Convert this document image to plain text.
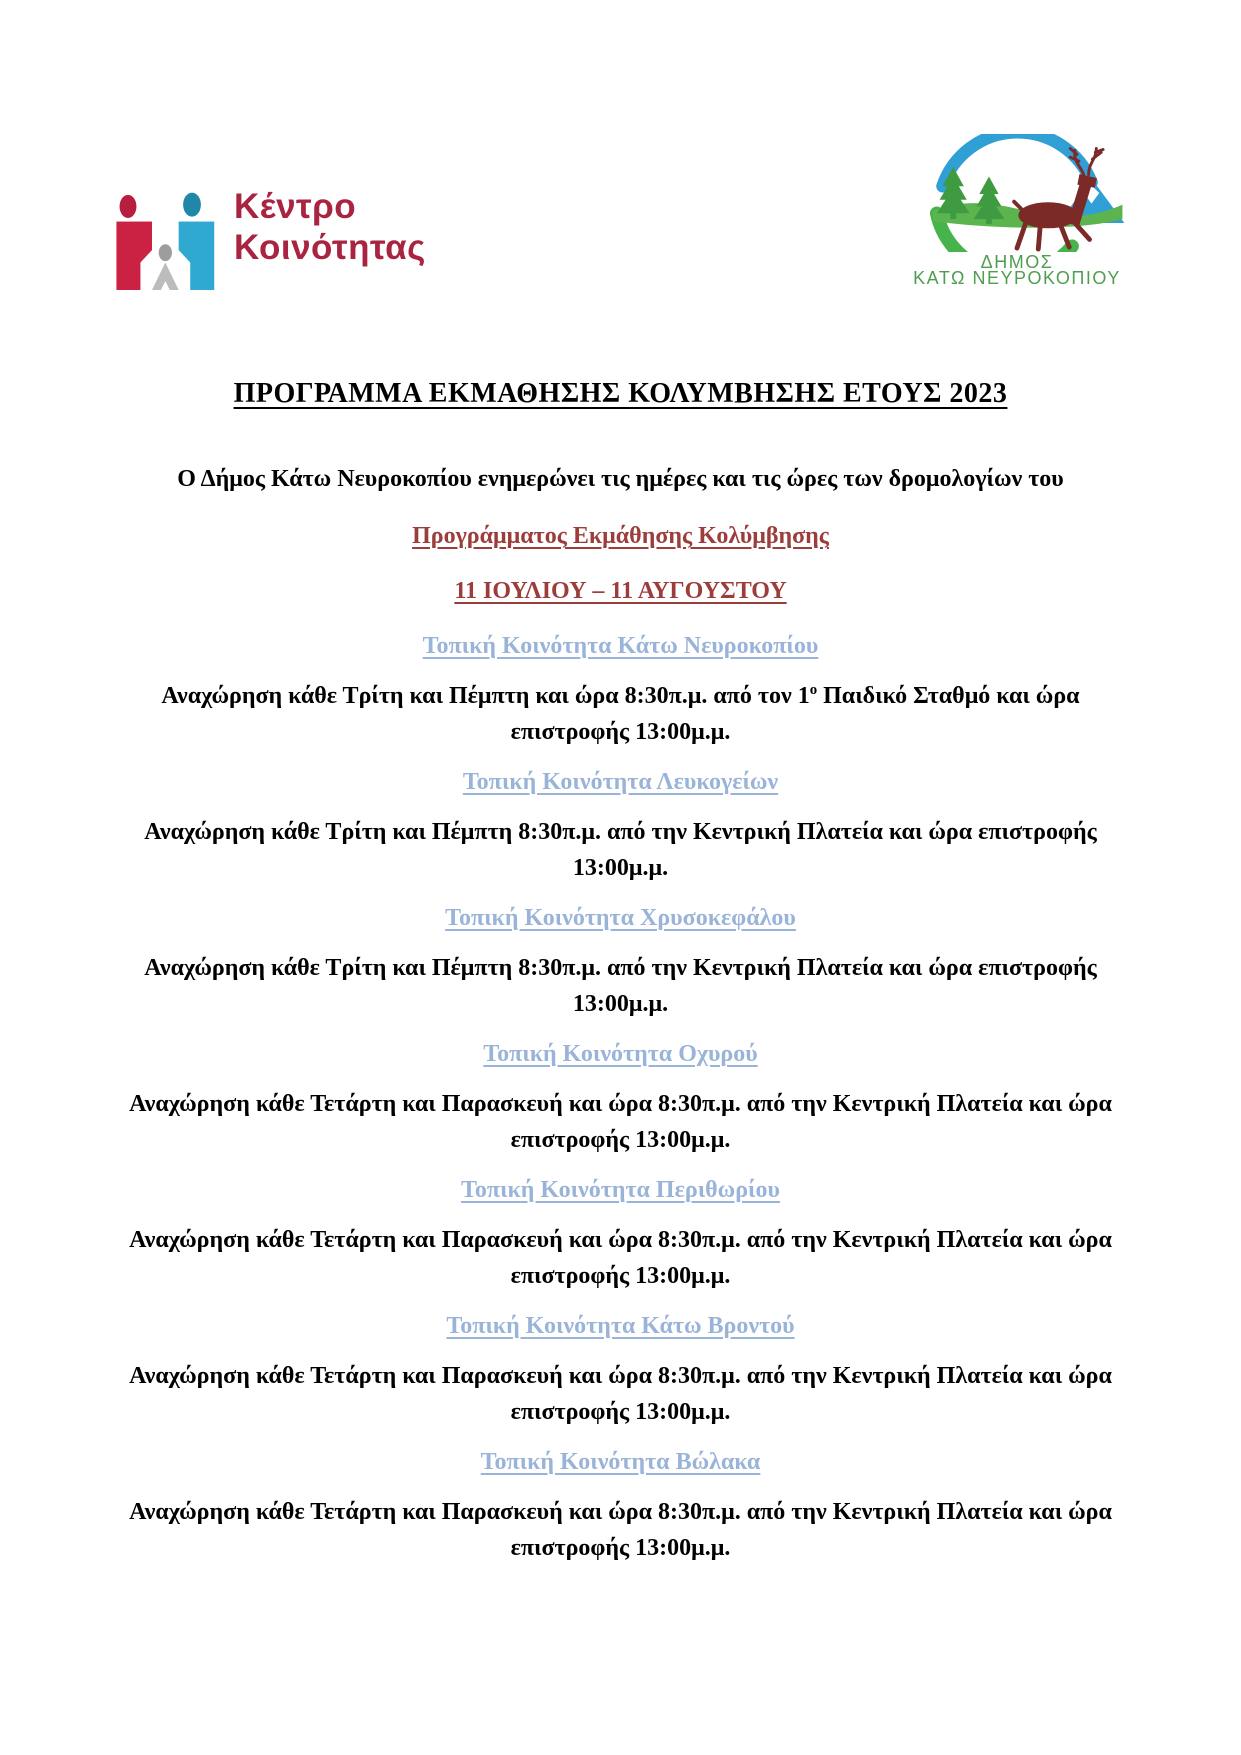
Κέντρο
Κοινότητας	ΔΗΜΟΣ
ΚΑΤΩ ΝΕΥΡΟΚΟΠΙΟΥ
ΠΡΟΓΡΑΜΜΑ ΕΚΜΑΘΗΣΗΣ ΚΟΛΥΜΒΗΣΗΣ ΕΤΟΥΣ 2023

Ο Δήμος Κάτω Νευροκοπίου ενημερώνει τις ημέρες και τις ώρες των δρομολογίων του

Προγράμματος Εκμάθησης Κολύμβησης

11 ΙΟΥΛΙΟΥ – 11 ΑΥΓΟΥΣΤΟΥ

Τοπική Κοινότητα Κάτω Νευροκοπίου

Αναχώρηση κάθε Τρίτη και Πέμπτη και ώρα 8:30π.μ. από τον $1^o$ Παιδικό Σταθμό και ώρα επιστροφής 13:00μ.μ.

Τοπική Κοινότητα Λευκογείων

Αναχώρηση κάθε Τρίτη και Πέμπτη 8:30π.μ. από την Κεντρική Πλατεία και ώρα επιστροφής 13:00μ.μ.

Τοπική Κοινότητα Χρυσοκεφάλου

Αναχώρηση κάθε Τρίτη και Πέμπτη 8:30π.μ. από την Κεντρική Πλατεία και ώρα επιστροφής 13:00μ.μ.

Τοπική Κοινότητα Οχυρού

Αναχώρηση κάθε Τετάρτη και Παρασκευή και ώρα 8:30π.μ. από την Κεντρική Πλατεία και ώρα επιστροφής 13:00μ.μ.

Τοπική Κοινότητα Περιθωρίου

Αναχώρηση κάθε Τετάρτη και Παρασκευή και ώρα 8:30π.μ. από την Κεντρική Πλατεία και ώρα επιστροφής 13:00μ.μ.

Τοπική Κοινότητα Κάτω Βροντού

Αναχώρηση κάθε Τετάρτη και Παρασκευή και ώρα 8:30π.μ. από την Κεντρική Πλατεία και ώρα επιστροφής 13:00μ.μ.

Τοπική Κοινότητα Βώλακα

Αναχώρηση κάθε Τετάρτη και Παρασκευή και ώρα 8:30π.μ. από την Κεντρική Πλατεία και ώρα επιστροφής 13:00μ.μ.
